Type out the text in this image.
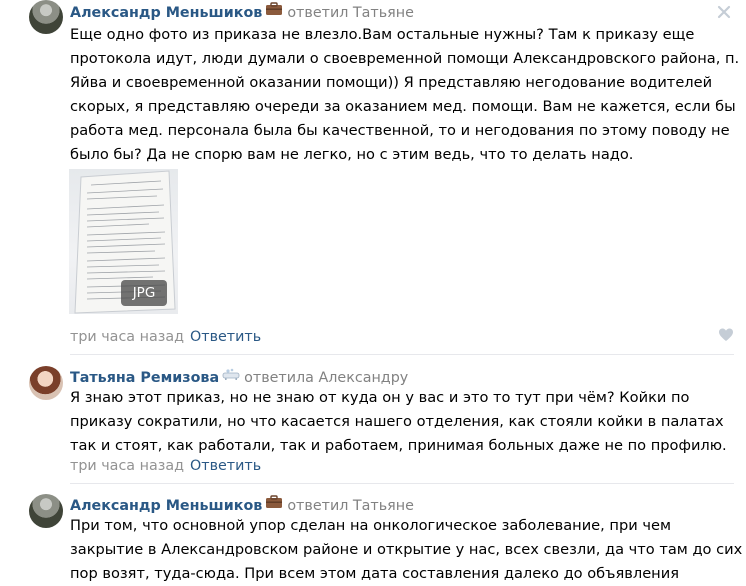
Александр Меньшиков ответил Татьяне
Еще одно фото из приказа не влезло.Вам остальные нужны? Там к приказу еще
протокола идут, люди думали о своевременной помощи Александровского района, п.
Яйва и своевременной оказании помощи)) Я представляю негодование водителей
скорых, я представляю очереди за оказанием мед. помощи. Вам не кажется, если бы
работа мед. персонала была бы качественной, то и негодования по этому поводу не
было бы? Да не спорю вам не легко, но с этим ведь, что то делать надо.
JPG
три часа назад Ответить
Татьяна Ремизова ответила Александру
Я знаю этот приказ, но не знаю от куда он у вас и это то тут при чём? Койки по
приказу сократили, но что касается нашего отделения, как стояли койки в палатах
так и стоят, как работали, так и работаем, принимая больных даже не по профилю.
три часа назад Ответить
Александр Меньшиков ответил Татьяне
При том, что основной упор сделан на онкологическое заболевание, при чем
закрытие в Александровском районе и открытие у нас, всех свезли, да что там до сих
пор возят, туда-сюда. При всем этом дата составления далеко до объявления
